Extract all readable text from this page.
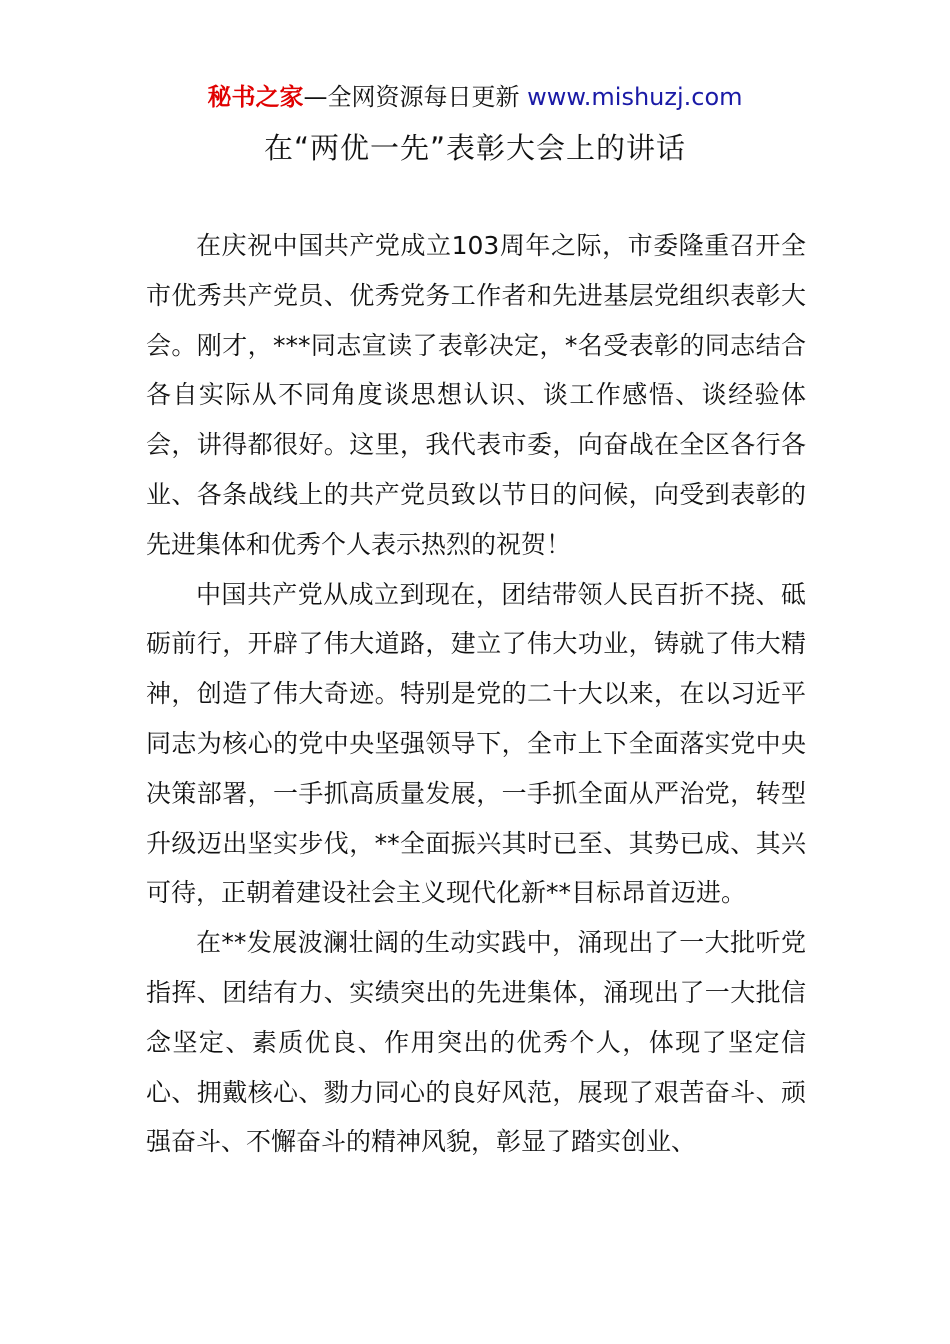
秘书之家—全网资源每日更新 www.mishuzj.com
在“两优一先”表彰大会上的讲话

在庆祝中国共产党成立103周年之际，市委隆重召开全市优秀共产党员、优秀党务工作者和先进基层党组织表彰大会。刚才，***同志宣读了表彰决定，*名受表彰的同志结合各自实际从不同角度谈思想认识、谈工作感悟、谈经验体会，讲得都很好。这里，我代表市委，向奋战在全区各行各业、各条战线上的共产党员致以节日的问候，向受到表彰的先进集体和优秀个人表示热烈的祝贺！

中国共产党从成立到现在，团结带领人民百折不挠、砥砺前行，开辟了伟大道路，建立了伟大功业，铸就了伟大精神，创造了伟大奇迹。特别是党的二十大以来，在以习近平同志为核心的党中央坚强领导下，全市上下全面落实党中央决策部署，一手抓高质量发展，一手抓全面从严治党，转型升级迈出坚实步伐，**全面振兴其时已至、其势已成、其兴可待，正朝着建设社会主义现代化新**目标昂首迈进。

在**发展波澜壮阔的生动实践中，涌现出了一大批听党指挥、团结有力、实绩突出的先进集体，涌现出了一大批信念坚定、素质优良、作用突出的优秀个人，体现了坚定信心、拥戴核心、勠力同心的良好风范，展现了艰苦奋斗、顽强奋斗、不懈奋斗的精神风貌，彰显了踏实创业、
